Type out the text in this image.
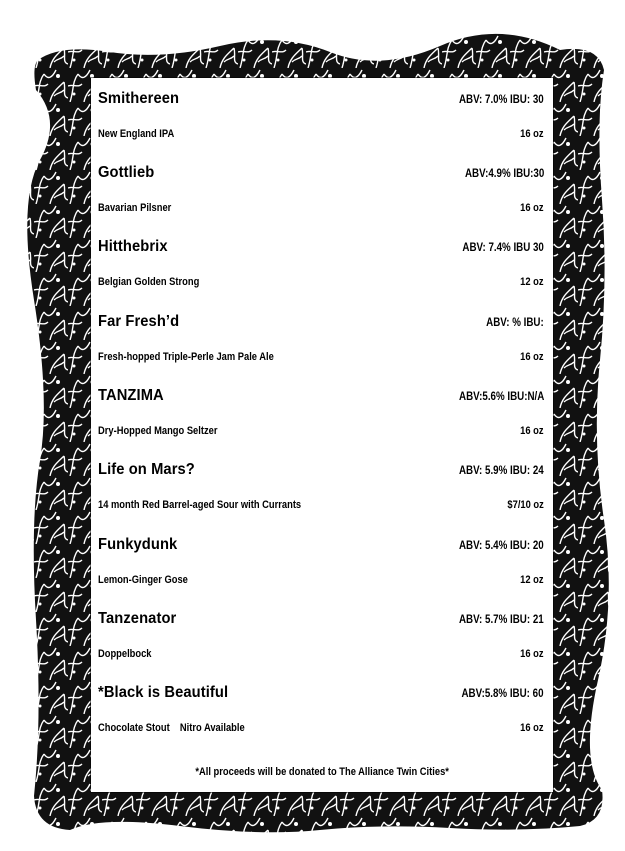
Smithereen	ABV: 7.0% IBU: 30
New England IPA	16 oz
Gottlieb	ABV:4.9% IBU:30
Bavarian Pilsner	16 oz
Hitthebrix	ABV: 7.4% IBU 30
Belgian Golden Strong	12 oz
Far Fresh’d	ABV: % IBU:
Fresh-hopped Triple-Perle Jam Pale Ale	16 oz
TANZIMA	ABV:5.6% IBU:N/A
Dry-Hopped Mango Seltzer	16 oz
Life on Mars?	ABV: 5.9% IBU: 24
14 month Red Barrel-aged Sour with Currants	$7/10 oz
Funkydunk	ABV: 5.4% IBU: 20
Lemon-Ginger Gose	12 oz
Tanzenator	ABV: 5.7% IBU: 21
Doppelbock	16 oz
*Black is Beautiful	ABV:5.8% IBU: 60
Chocolate Stout Nitro Available	16 oz
*All proceeds will be donated to The Alliance Twin Cities*
